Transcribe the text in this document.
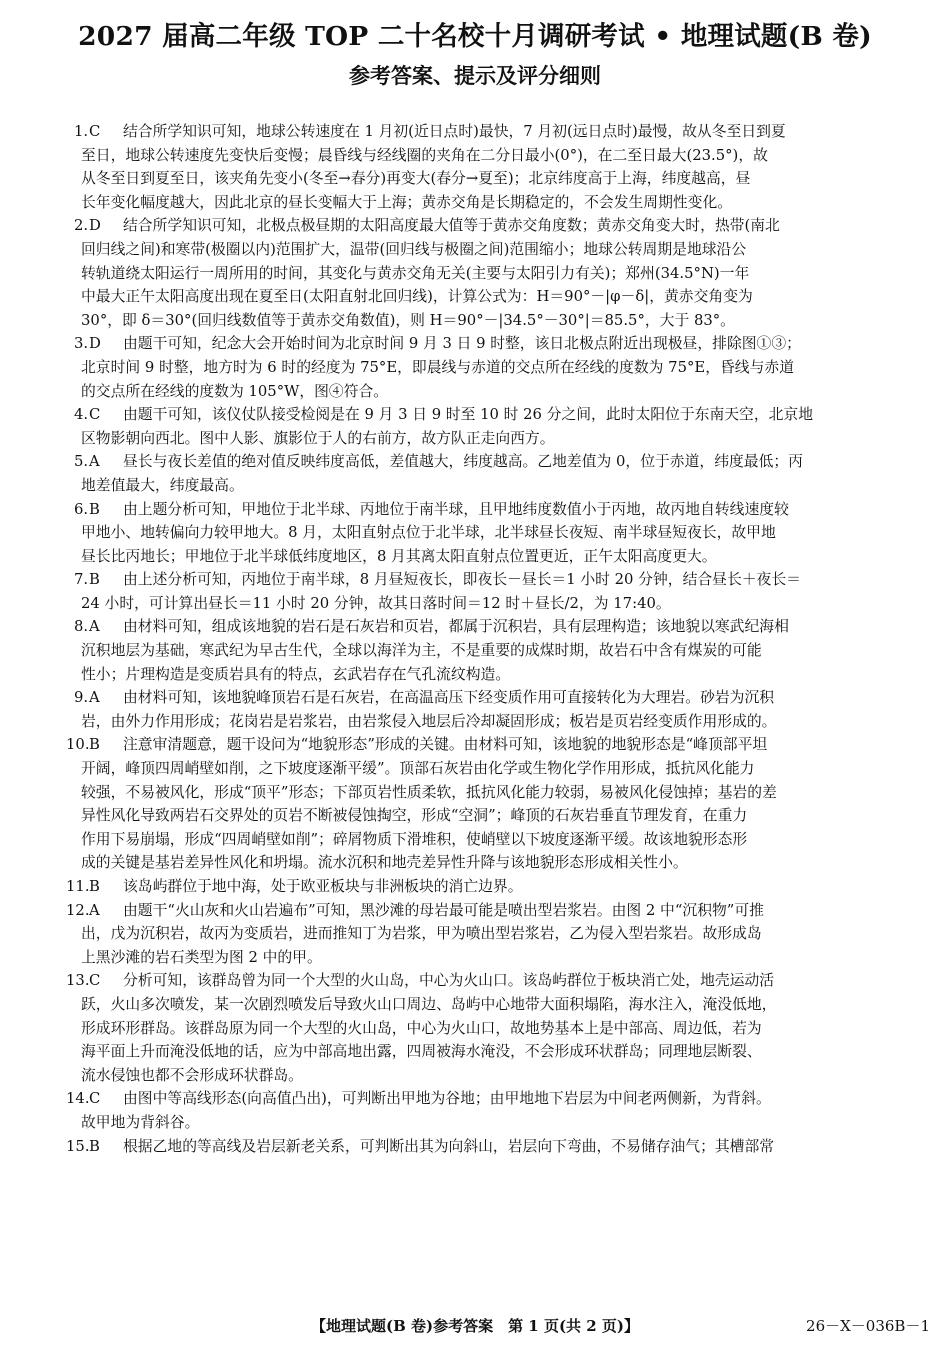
2027 届高二年级 TOP 二十名校十月调研考试 • 地理试题(B 卷)
参考答案、提示及评分细则
1.C 结合所学知识可知，地球公转速度在 1 月初(近日点时)最快，7 月初(远日点时)最慢，故从冬至日到夏
至日，地球公转速度先变快后变慢；晨昏线与经线圈的夹角在二分日最小(0°)，在二至日最大(23.5°)，故
从冬至日到夏至日，该夹角先变小(冬至→春分)再变大(春分→夏至)；北京纬度高于上海，纬度越高，昼
长年变化幅度越大，因此北京的昼长变幅大于上海；黄赤交角是长期稳定的，不会发生周期性变化。
2.D 结合所学知识可知，北极点极昼期的太阳高度最大值等于黄赤交角度数；黄赤交角变大时，热带(南北
回归线之间)和寒带(极圈以内)范围扩大，温带(回归线与极圈之间)范围缩小；地球公转周期是地球沿公
转轨道绕太阳运行一周所用的时间，其变化与黄赤交角无关(主要与太阳引力有关)；郑州(34.5°N)一年
中最大正午太阳高度出现在夏至日(太阳直射北回归线)，计算公式为：H＝90°－|φ－δ|，黄赤交角变为
30°，即 δ＝30°(回归线数值等于黄赤交角数值)，则 H＝90°－|34.5°－30°|＝85.5°，大于 83°。
3.D 由题干可知，纪念大会开始时间为北京时间 9 月 3 日 9 时整，该日北极点附近出现极昼，排除图①③；
北京时间 9 时整，地方时为 6 时的经度为 75°E，即晨线与赤道的交点所在经线的度数为 75°E，昏线与赤道
的交点所在经线的度数为 105°W，图④符合。
4.C 由题干可知，该仪仗队接受检阅是在 9 月 3 日 9 时至 10 时 26 分之间，此时太阳位于东南天空，北京地
区物影朝向西北。图中人影、旗影位于人的右前方，故方队正走向西方。
5.A 昼长与夜长差值的绝对值反映纬度高低，差值越大，纬度越高。乙地差值为 0，位于赤道，纬度最低；丙
地差值最大，纬度最高。
6.B 由上题分析可知，甲地位于北半球、丙地位于南半球，且甲地纬度数值小于丙地，故丙地自转线速度较
甲地小、地转偏向力较甲地大。8 月，太阳直射点位于北半球，北半球昼长夜短、南半球昼短夜长，故甲地
昼长比丙地长；甲地位于北半球低纬度地区，8 月其离太阳直射点位置更近，正午太阳高度更大。
7.B 由上述分析可知，丙地位于南半球，8 月昼短夜长，即夜长－昼长＝1 小时 20 分钟，结合昼长＋夜长＝
24 小时，可计算出昼长＝11 小时 20 分钟，故其日落时间＝12 时＋昼长/2，为 17:40。
8.A 由材料可知，组成该地貌的岩石是石灰岩和页岩，都属于沉积岩，具有层理构造；该地貌以寒武纪海相
沉积地层为基础，寒武纪为早古生代，全球以海洋为主，不是重要的成煤时期，故岩石中含有煤炭的可能
性小；片理构造是变质岩具有的特点，玄武岩存在气孔流纹构造。
9.A 由材料可知，该地貌峰顶岩石是石灰岩，在高温高压下经变质作用可直接转化为大理岩。砂岩为沉积
岩，由外力作用形成；花岗岩是岩浆岩，由岩浆侵入地层后冷却凝固形成；板岩是页岩经变质作用形成的。
10.B 注意审清题意，题干设问为“地貌形态”形成的关键。由材料可知，该地貌的地貌形态是“峰顶部平坦
开阔，峰顶四周峭壁如削，之下坡度逐渐平缓”。顶部石灰岩由化学或生物化学作用形成，抵抗风化能力
较强，不易被风化，形成“顶平”形态；下部页岩性质柔软，抵抗风化能力较弱，易被风化侵蚀掉；基岩的差
异性风化导致两岩石交界处的页岩不断被侵蚀掏空，形成“空洞”；峰顶的石灰岩垂直节理发育，在重力
作用下易崩塌，形成“四周峭壁如削”；碎屑物质下滑堆积，使峭壁以下坡度逐渐平缓。故该地貌形态形
成的关键是基岩差异性风化和坍塌。流水沉积和地壳差异性升降与该地貌形态形成相关性小。
11.B 该岛屿群位于地中海，处于欧亚板块与非洲板块的消亡边界。
12.A 由题干“火山灰和火山岩遍布”可知，黑沙滩的母岩最可能是喷出型岩浆岩。由图 2 中“沉积物”可推
出，戊为沉积岩，故丙为变质岩，进而推知丁为岩浆，甲为喷出型岩浆岩，乙为侵入型岩浆岩。故形成岛
上黑沙滩的岩石类型为图 2 中的甲。
13.C 分析可知，该群岛曾为同一个大型的火山岛，中心为火山口。该岛屿群位于板块消亡处，地壳运动活
跃，火山多次喷发，某一次剧烈喷发后导致火山口周边、岛屿中心地带大面积塌陷，海水注入，淹没低地，
形成环形群岛。该群岛原为同一个大型的火山岛，中心为火山口，故地势基本上是中部高、周边低，若为
海平面上升而淹没低地的话，应为中部高地出露，四周被海水淹没，不会形成环状群岛；同理地层断裂、
流水侵蚀也都不会形成环状群岛。
14.C 由图中等高线形态(向高值凸出)，可判断出甲地为谷地；由甲地地下岩层为中间老两侧新，为背斜。
故甲地为背斜谷。
15.B 根据乙地的等高线及岩层新老关系，可判断出其为向斜山，岩层向下弯曲，不易储存油气；其槽部常
【地理试题(B 卷)参考答案　第 1 页(共 2 页)】	26－X－036B－1
